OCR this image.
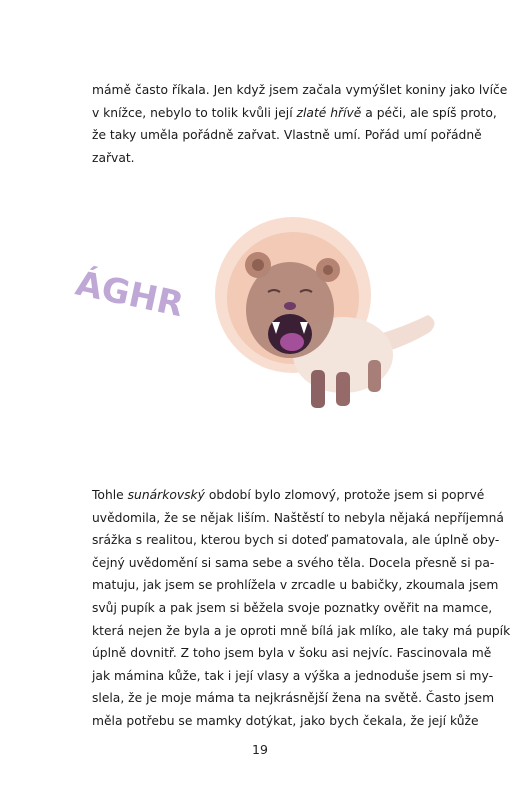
mámě často říkala. Jen když jsem začala vymýšlet koniny jako lvíče
v knížce, nebylo to tolik kvůli její zlaté hřívě a péči, ale spíš proto,
že taky uměla pořádně zařvat. Vlastně umí. Pořád umí pořádně
zařvat.

ÁGHR

Tohle sunárkovský období bylo zlomový, protože jsem si poprvé
uvědomila, že se nějak liším. Naštěstí to nebyla nějaká nepříjemná
srážka s realitou, kterou bych si doteď pamatovala, ale úplně oby-
čejný uvědomění si sama sebe a svého těla. Docela přesně si pa-
matuju, jak jsem se prohlížela v zrcadle u babičky, zkoumala jsem
svůj pupík a pak jsem si běžela svoje poznatky ověřit na mamce,
která nejen že byla a je oproti mně bílá jak mlíko, ale taky má pupík
úplně dovnitř. Z toho jsem byla v šoku asi nejvíc. Fascinovala mě
jak mámina kůže, tak i její vlasy a výška a jednoduše jsem si my-
slela, že je moje máma ta nejkrásnější žena na světě. Často jsem
měla potřebu se mamky dotýkat, jako bych čekala, že její kůže

19
